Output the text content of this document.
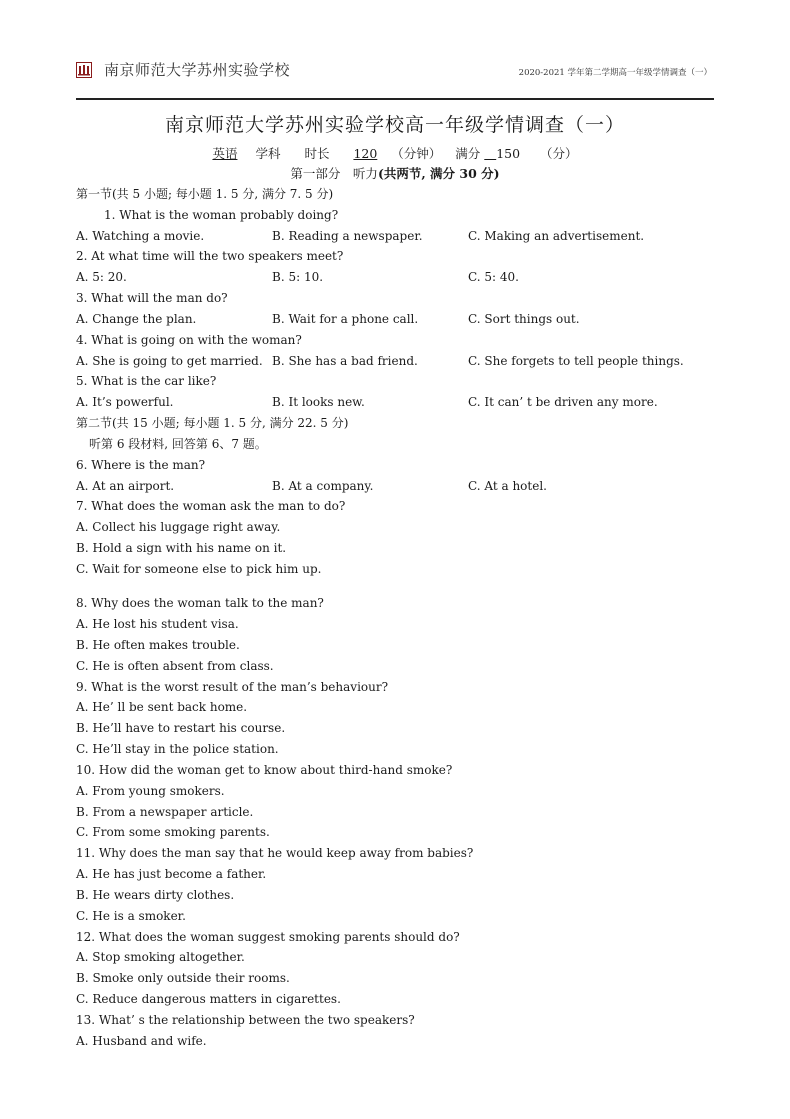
南京师范大学苏州实验学校	2020-2021 学年第二学期高一年级学情调查（一）
南京师范大学苏州实验学校高一年级学情调查（一）
英语 学科 时长 120 （分钟） 满分 150 （分）
第一部分　听力(共两节, 满分 30 分)
第一节(共 5 小题; 每小题 1. 5 分, 满分 7. 5 分)
1. What is the woman probably doing?
A. Watching a movie.	B. Reading a newspaper.	C. Making an advertisement.
2. At what time will the two speakers meet?
A. 5: 20.	B. 5: 10.	C. 5: 40.
3. What will the man do?
A. Change the plan.	B. Wait for a phone call.	C. Sort things out.
4. What is going on with the woman?
A. She is going to get married. B. She has a bad friend.	C. She forgets to tell people things.
5. What is the car like?
A. It’s powerful.	B. It looks new.	C. It can’ t be driven any more.
第二节(共 15 小题; 每小题 1. 5 分, 满分 22. 5 分)
听第 6 段材料, 回答第 6、7 题。
6. Where is the man?
A. At an airport.	B. At a company.	C. At a hotel.
7. What does the woman ask the man to do?
A. Collect his luggage right away.
B. Hold a sign with his name on it.
C. Wait for someone else to pick him up.
8. Why does the woman talk to the man?
A. He lost his student visa.
B. He often makes trouble.
C. He is often absent from class.
9. What is the worst result of the man’s behaviour?
A. He’ ll be sent back home.
B. He’ll have to restart his course.
C. He’ll stay in the police station.
10. How did the woman get to know about third-hand smoke?
A. From young smokers.
B. From a newspaper article.
C. From some smoking parents.
11. Why does the man say that he would keep away from babies?
A. He has just become a father.
B. He wears dirty clothes.
C. He is a smoker.
12. What does the woman suggest smoking parents should do?
A. Stop smoking altogether.
B. Smoke only outside their rooms.
C. Reduce dangerous matters in cigarettes.
13. What’ s the relationship between the two speakers?
A. Husband and wife.
